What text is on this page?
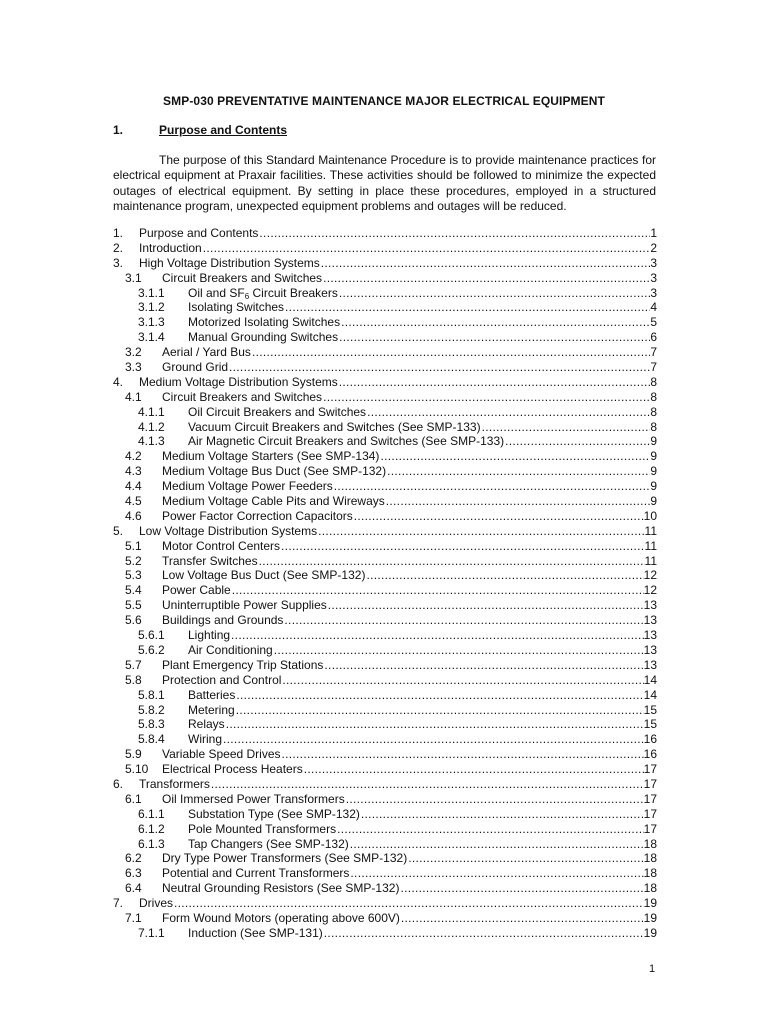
SMP-030 PREVENTATIVE MAINTENANCE MAJOR ELECTRICAL EQUIPMENT
1.	Purpose and Contents
The purpose of this Standard Maintenance Procedure is to provide maintenance practices for
electrical equipment at Praxair facilities. These activities should be followed to minimize the expected
outages of electrical equipment. By setting in place these procedures, employed in a structured
maintenance program, unexpected equipment problems and outages will be reduced.
1.	Purpose and Contents .....	1
2.	Introduction .....	2
3.	High Voltage Distribution Systems .....	3
3.1	Circuit Breakers and Switches .....	3
3.1.1	Oil and $SF_6$ Circuit Breakers .....	3
3.1.2	Isolating Switches .....	4
3.1.3	Motorized Isolating Switches .....	5
3.1.4	Manual Grounding Switches .....	6
3.2	Aerial / Yard Bus .....	7
3.3	Ground Grid .....	7
4.	Medium Voltage Distribution Systems .....	8
4.1	Circuit Breakers and Switches .....	8
4.1.1	Oil Circuit Breakers and Switches .....	8
4.1.2	Vacuum Circuit Breakers and Switches (See SMP-133) .....	8
4.1.3	Air Magnetic Circuit Breakers and Switches (See SMP-133) .....	9
4.2	Medium Voltage Starters (See SMP-134) .....	9
4.3	Medium Voltage Bus Duct (See SMP-132) .....	9
4.4	Medium Voltage Power Feeders .....	9
4.5	Medium Voltage Cable Pits and Wireways .....	9
4.6	Power Factor Correction Capacitors .....	10
5.	Low Voltage Distribution Systems .....	11
5.1	Motor Control Centers .....	11
5.2	Transfer Switches .....	11
5.3	Low Voltage Bus Duct (See SMP-132) .....	12
5.4	Power Cable .....	12
5.5	Uninterruptible Power Supplies .....	13
5.6	Buildings and Grounds .....	13
5.6.1	Lighting .....	13
5.6.2	Air Conditioning .....	13
5.7	Plant Emergency Trip Stations .....	13
5.8	Protection and Control .....	14
5.8.1	Batteries .....	14
5.8.2	Metering .....	15
5.8.3	Relays .....	15
5.8.4	Wiring .....	16
5.9	Variable Speed Drives .....	16
5.10	Electrical Process Heaters .....	17
6.	Transformers .....	17
6.1	Oil Immersed Power Transformers .....	17
6.1.1	Substation Type (See SMP-132) .....	17
6.1.2	Pole Mounted Transformers .....	17
6.1.3	Tap Changers (See SMP-132) .....	18
6.2	Dry Type Power Transformers (See SMP-132) .....	18
6.3	Potential and Current Transformers .....	18
6.4	Neutral Grounding Resistors (See SMP-132) .....	18
7.	Drives .....	19
7.1	Form Wound Motors (operating above 600V) .....	19
7.1.1	Induction (See SMP-131) .....	19
1
